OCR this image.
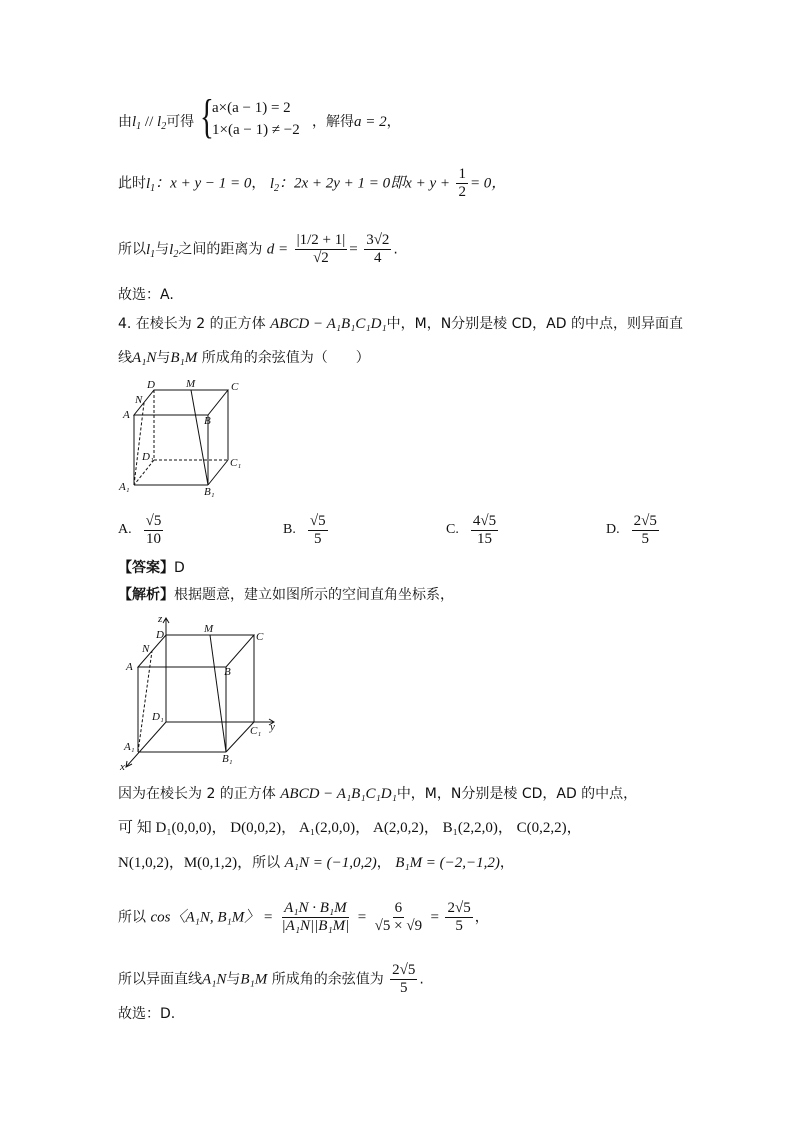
由$l_1 // l_2$可得 {
a×(a − 1) = 2
1×(a − 1) ≠ −2 ，解得a = 2，
此时$l_1$：x + y − 1 = 0， $l_2$：2x + 2y + 1 = 0即$x + y + \frac{1}{2} = 0$，
所以$l_1$与$l_2$之间的距离为 $d = \frac{|1/2 + 1|}{√2} = \frac{3√2}{4}$ .
故选：A.
4. 在棱长为 2 的正方体 ABCD − A₁B₁C₁D₁中，M，N分别是棱 CD，AD 的中点，则异面直
线A₁N与B₁M 所成角的余弦值为（　　）
D	M	C
N
A	B
D₁	C₁
A₁	B₁
A. $\frac{√5}{10}$	B. $\frac{√5}{5}$	C. $\frac{4√5}{15}$	D. $\frac{2√5}{5}$
【答案】D
【解析】根据题意，建立如图所示的空间直角坐标系，
z
y
x
D	M
C
N
A	B
D₁
C₁
A₁
B₁
因为在棱长为 2 的正方体 ABCD − A₁B₁C₁D₁中，M，N分别是棱 CD，AD 的中点，
可 知 D₁(0,0,0)， D(0,0,2)， A₁(2,0,0)， A(2,0,2)， B₁(2,2,0)， C(0,2,2)，
N(1,0,2)，M(0,1,2)，所以 A₁N = (−1,0,2)， B₁M = (−2,−1,2)，
所以 cos〈A₁N, B₁M〉 = $\frac{\text{A₁N · B₁M}}{\text{|A₁N||B₁M|}} = \frac{6}{√5 \times √9} = \frac{2√5}{5}$ ，
所以异面直线A₁N与B₁M 所成角的余弦值为 $\frac{2√5}{5}$ .
故选：D.
